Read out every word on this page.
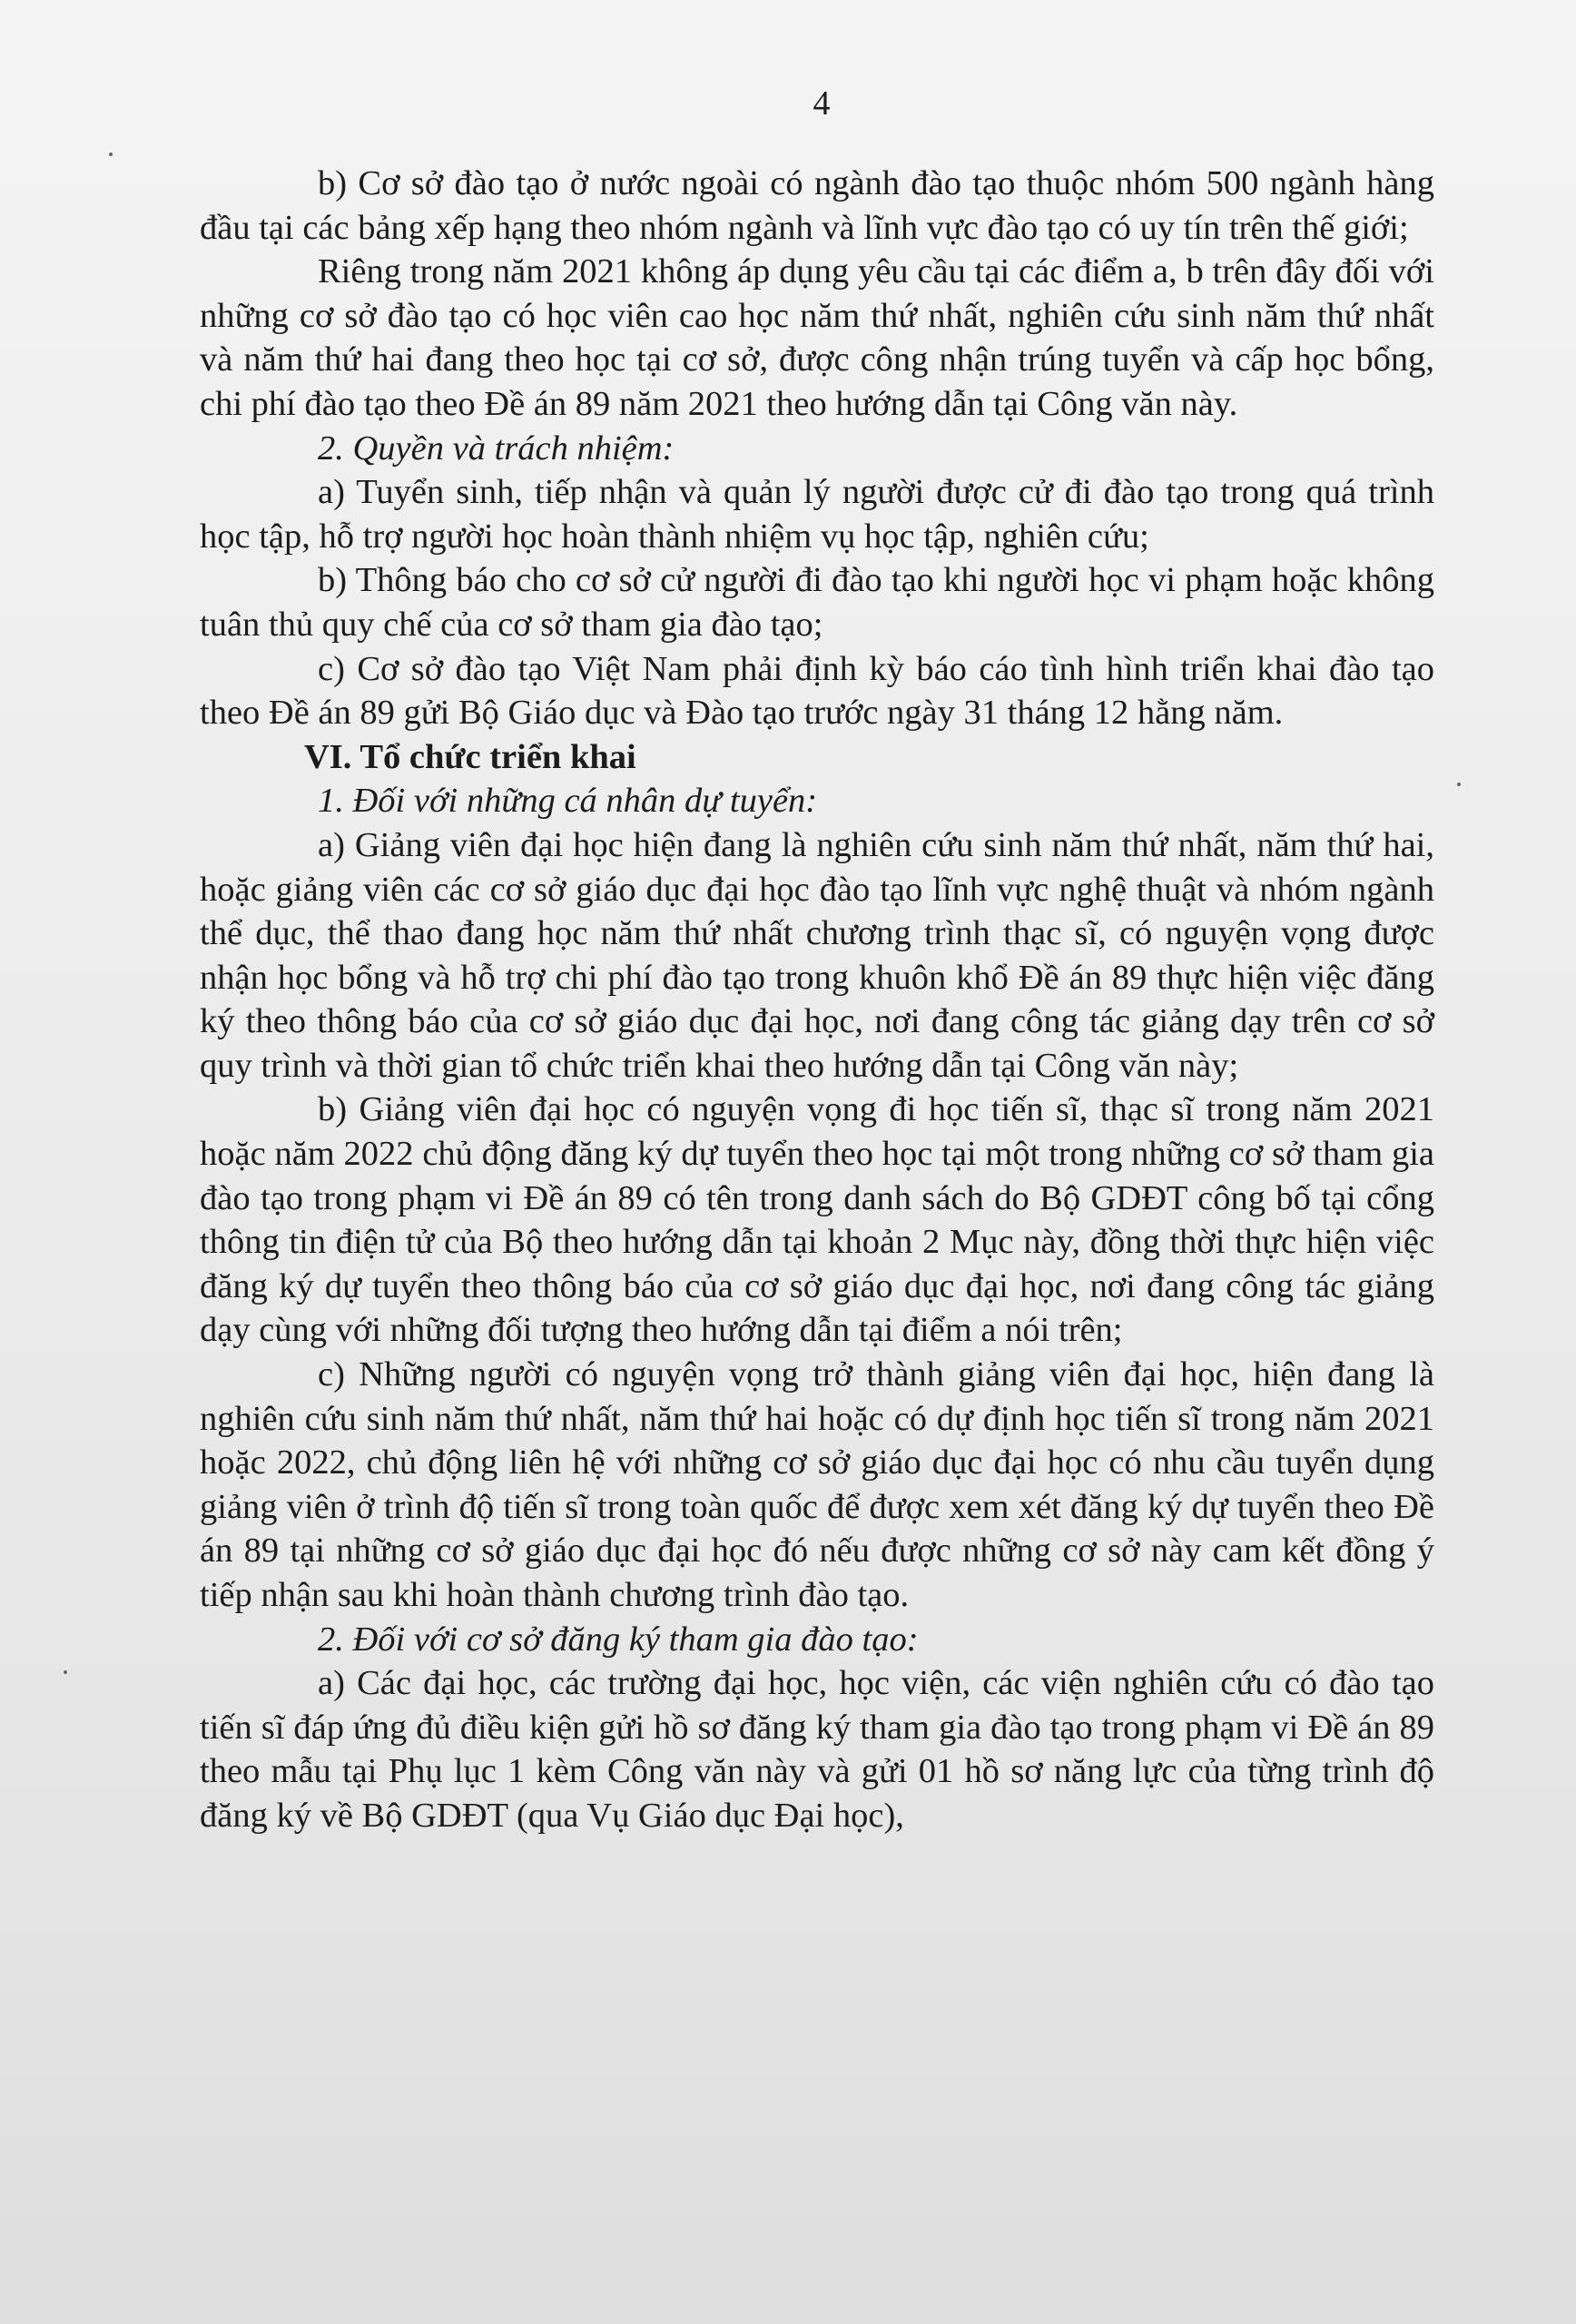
4

b) Cơ sở đào tạo ở nước ngoài có ngành đào tạo thuộc nhóm 500 ngành hàng đầu tại các bảng xếp hạng theo nhóm ngành và lĩnh vực đào tạo có uy tín trên thế giới;

Riêng trong năm 2021 không áp dụng yêu cầu tại các điểm a, b trên đây đối với những cơ sở đào tạo có học viên cao học năm thứ nhất, nghiên cứu sinh năm thứ nhất và năm thứ hai đang theo học tại cơ sở, được công nhận trúng tuyển và cấp học bổng, chi phí đào tạo theo Đề án 89 năm 2021 theo hướng dẫn tại Công văn này.

2. Quyền và trách nhiệm:

a) Tuyển sinh, tiếp nhận và quản lý người được cử đi đào tạo trong quá trình học tập, hỗ trợ người học hoàn thành nhiệm vụ học tập, nghiên cứu;

b) Thông báo cho cơ sở cử người đi đào tạo khi người học vi phạm hoặc không tuân thủ quy chế của cơ sở tham gia đào tạo;

c) Cơ sở đào tạo Việt Nam phải định kỳ báo cáo tình hình triển khai đào tạo theo Đề án 89 gửi Bộ Giáo dục và Đào tạo trước ngày 31 tháng 12 hằng năm.

VI. Tổ chức triển khai

1. Đối với những cá nhân dự tuyển:

a) Giảng viên đại học hiện đang là nghiên cứu sinh năm thứ nhất, năm thứ hai, hoặc giảng viên các cơ sở giáo dục đại học đào tạo lĩnh vực nghệ thuật và nhóm ngành thể dục, thể thao đang học năm thứ nhất chương trình thạc sĩ, có nguyện vọng được nhận học bổng và hỗ trợ chi phí đào tạo trong khuôn khổ Đề án 89 thực hiện việc đăng ký theo thông báo của cơ sở giáo dục đại học, nơi đang công tác giảng dạy trên cơ sở quy trình và thời gian tổ chức triển khai theo hướng dẫn tại Công văn này;

b) Giảng viên đại học có nguyện vọng đi học tiến sĩ, thạc sĩ trong năm 2021 hoặc năm 2022 chủ động đăng ký dự tuyển theo học tại một trong những cơ sở tham gia đào tạo trong phạm vi Đề án 89 có tên trong danh sách do Bộ GDĐT công bố tại cổng thông tin điện tử của Bộ theo hướng dẫn tại khoản 2 Mục này, đồng thời thực hiện việc đăng ký dự tuyển theo thông báo của cơ sở giáo dục đại học, nơi đang công tác giảng dạy cùng với những đối tượng theo hướng dẫn tại điểm a nói trên;

c) Những người có nguyện vọng trở thành giảng viên đại học, hiện đang là nghiên cứu sinh năm thứ nhất, năm thứ hai hoặc có dự định học tiến sĩ trong năm 2021 hoặc 2022, chủ động liên hệ với những cơ sở giáo dục đại học có nhu cầu tuyển dụng giảng viên ở trình độ tiến sĩ trong toàn quốc để được xem xét đăng ký dự tuyển theo Đề án 89 tại những cơ sở giáo dục đại học đó nếu được những cơ sở này cam kết đồng ý tiếp nhận sau khi hoàn thành chương trình đào tạo.

2. Đối với cơ sở đăng ký tham gia đào tạo:

a) Các đại học, các trường đại học, học viện, các viện nghiên cứu có đào tạo tiến sĩ đáp ứng đủ điều kiện gửi hồ sơ đăng ký tham gia đào tạo trong phạm vi Đề án 89 theo mẫu tại Phụ lục 1 kèm Công văn này và gửi 01 hồ sơ năng lực của từng trình độ đăng ký về Bộ GDĐT (qua Vụ Giáo dục Đại học),
